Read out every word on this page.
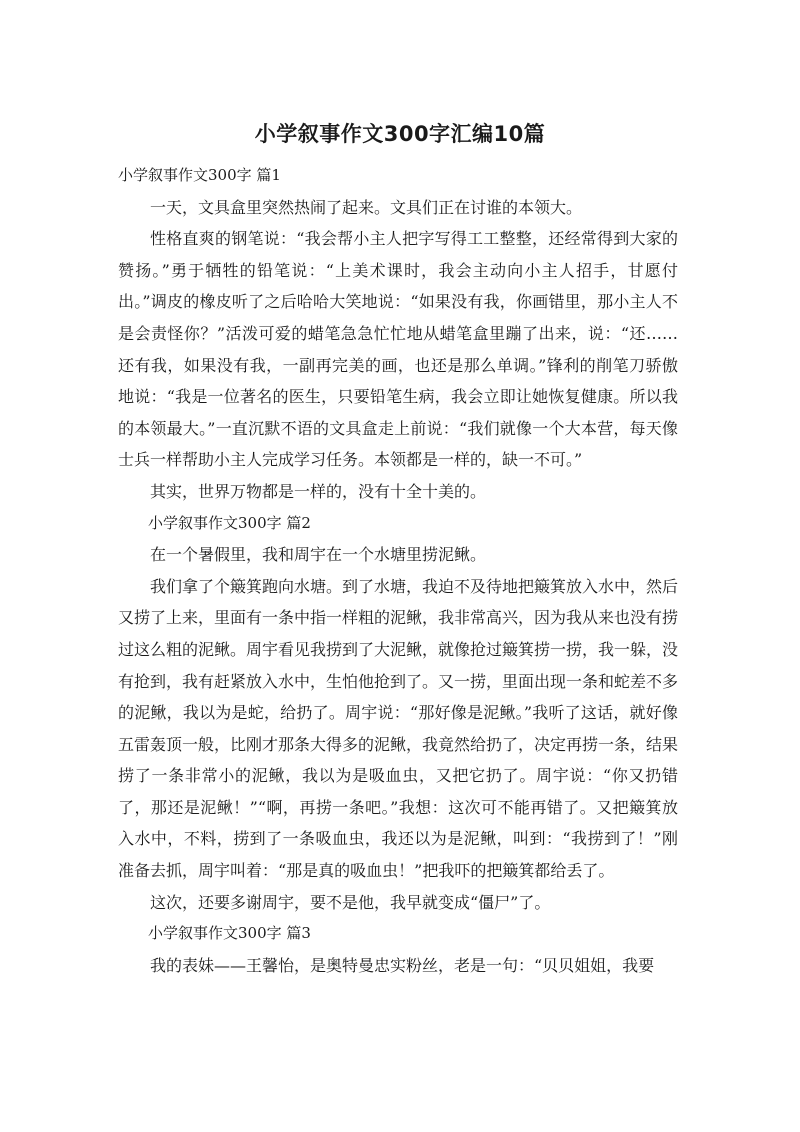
小学叙事作文300字汇编10篇

小学叙事作文300字 篇1

一天，文具盒里突然热闹了起来。文具们正在讨谁的本领大。

性格直爽的钢笔说：“我会帮小主人把字写得工工整整，还经常得到大家的赞扬。”勇于牺牲的铅笔说：“上美术课时，我会主动向小主人招手，甘愿付出。”调皮的橡皮听了之后哈哈大笑地说：“如果没有我，你画错里，那小主人不是会责怪你？”活泼可爱的蜡笔急急忙忙地从蜡笔盒里蹦了出来，说：“还……还有我，如果没有我，一副再完美的画，也还是那么单调。”锋利的削笔刀骄傲地说：“我是一位著名的医生，只要铅笔生病，我会立即让她恢复健康。所以我的本领最大。”一直沉默不语的文具盒走上前说：“我们就像一个大本营，每天像士兵一样帮助小主人完成学习任务。本领都是一样的，缺一不可。”

其实，世界万物都是一样的，没有十全十美的。

小学叙事作文300字 篇2

在一个暑假里，我和周宇在一个水塘里捞泥鳅。

我们拿了个簸箕跑向水塘。到了水塘，我迫不及待地把簸箕放入水中，然后又捞了上来，里面有一条中指一样粗的泥鳅，我非常高兴，因为我从来也没有捞过这么粗的泥鳅。周宇看见我捞到了大泥鳅，就像抢过簸箕捞一捞，我一躲，没有抢到，我有赶紧放入水中，生怕他抢到了。又一捞，里面出现一条和蛇差不多的泥鳅，我以为是蛇，给扔了。周宇说：“那好像是泥鳅。”我听了这话，就好像五雷轰顶一般，比刚才那条大得多的泥鳅，我竟然给扔了，决定再捞一条，结果捞了一条非常小的泥鳅，我以为是吸血虫，又把它扔了。周宇说：“你又扔错了，那还是泥鳅！”“啊，再捞一条吧。”我想：这次可不能再错了。又把簸箕放入水中，不料，捞到了一条吸血虫，我还以为是泥鳅，叫到：“我捞到了！”刚准备去抓，周宇叫着：“那是真的吸血虫！”把我吓的把簸箕都给丢了。

这次，还要多谢周宇，要不是他，我早就变成“僵尸”了。

小学叙事作文300字 篇3

我的表妹——王馨怡，是奥特曼忠实粉丝，老是一句：“贝贝姐姐，我要
